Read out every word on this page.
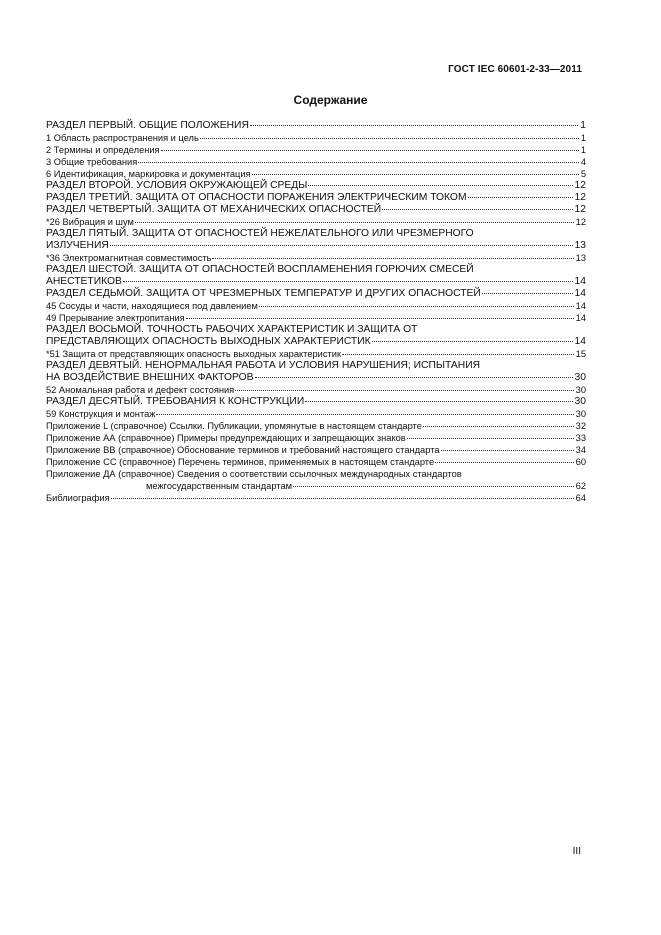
ГОСТ IEC 60601-2-33—2011
Содержание
РАЗДЕЛ ПЕРВЫЙ. ОБЩИЕ ПОЛОЖЕНИЯ	1
1 Область распространения и цель	1
2 Термины и определения	1
3 Общие требования	4
6 Идентификация, маркировка и документация	5
РАЗДЕЛ ВТОРОЙ. УСЛОВИЯ ОКРУЖАЮЩЕЙ СРЕДЫ	12
РАЗДЕЛ ТРЕТИЙ. ЗАЩИТА ОТ ОПАСНОСТИ ПОРАЖЕНИЯ ЭЛЕКТРИЧЕСКИМ ТОКОМ	12
РАЗДЕЛ ЧЕТВЕРТЫЙ. ЗАЩИТА ОТ МЕХАНИЧЕСКИХ ОПАСНОСТЕЙ	12
*26 Вибрация и шум	12
РАЗДЕЛ ПЯТЫЙ. ЗАЩИТА ОТ ОПАСНОСТЕЙ НЕЖЕЛАТЕЛЬНОГО ИЛИ ЧРЕЗМЕРНОГО
ИЗЛУЧЕНИЯ	13
*36 Электромагнитная совместимость	13
РАЗДЕЛ ШЕСТОЙ. ЗАЩИТА ОТ ОПАСНОСТЕЙ ВОСПЛАМЕНЕНИЯ ГОРЮЧИХ СМЕСЕЙ
АНЕСТЕТИКОВ	14
РАЗДЕЛ СЕДЬМОЙ. ЗАЩИТА ОТ ЧРЕЗМЕРНЫХ ТЕМПЕРАТУР И ДРУГИХ ОПАСНОСТЕЙ	14
45 Сосуды и части, находящиеся под давлением	14
49 Прерывание электропитания	14
РАЗДЕЛ ВОСЬМОЙ. ТОЧНОСТЬ РАБОЧИХ ХАРАКТЕРИСТИК И ЗАЩИТА ОТ
ПРЕДСТАВЛЯЮЩИХ ОПАСНОСТЬ ВЫХОДНЫХ ХАРАКТЕРИСТИК	14
*51 Защита от представляющих опасность выходных характеристик	15
РАЗДЕЛ ДЕВЯТЫЙ. НЕНОРМАЛЬНАЯ РАБОТА И УСЛОВИЯ НАРУШЕНИЯ; ИСПЫТАНИЯ
НА ВОЗДЕЙСТВИЕ ВНЕШНИХ ФАКТОРОВ	30
52 Аномальная работа и дефект состояния	30
РАЗДЕЛ ДЕСЯТЫЙ. ТРЕБОВАНИЯ К КОНСТРУКЦИИ	30
59 Конструкция и монтаж	30
Приложение L (справочное) Ссылки. Публикации, упомянутые в настоящем стандарте	32
Приложение АА (справочное) Примеры предупреждающих и запрещающих знаков	33
Приложение ВВ (справочное) Обоснование терминов и требований настоящего стандарта	34
Приложение СС (справочное) Перечень терминов, применяемых в настоящем стандарте	60
Приложение ДА (справочное) Сведения о соответствии ссылочных международных стандартов
межгосударственным стандартам	62
Библиография	64
III
